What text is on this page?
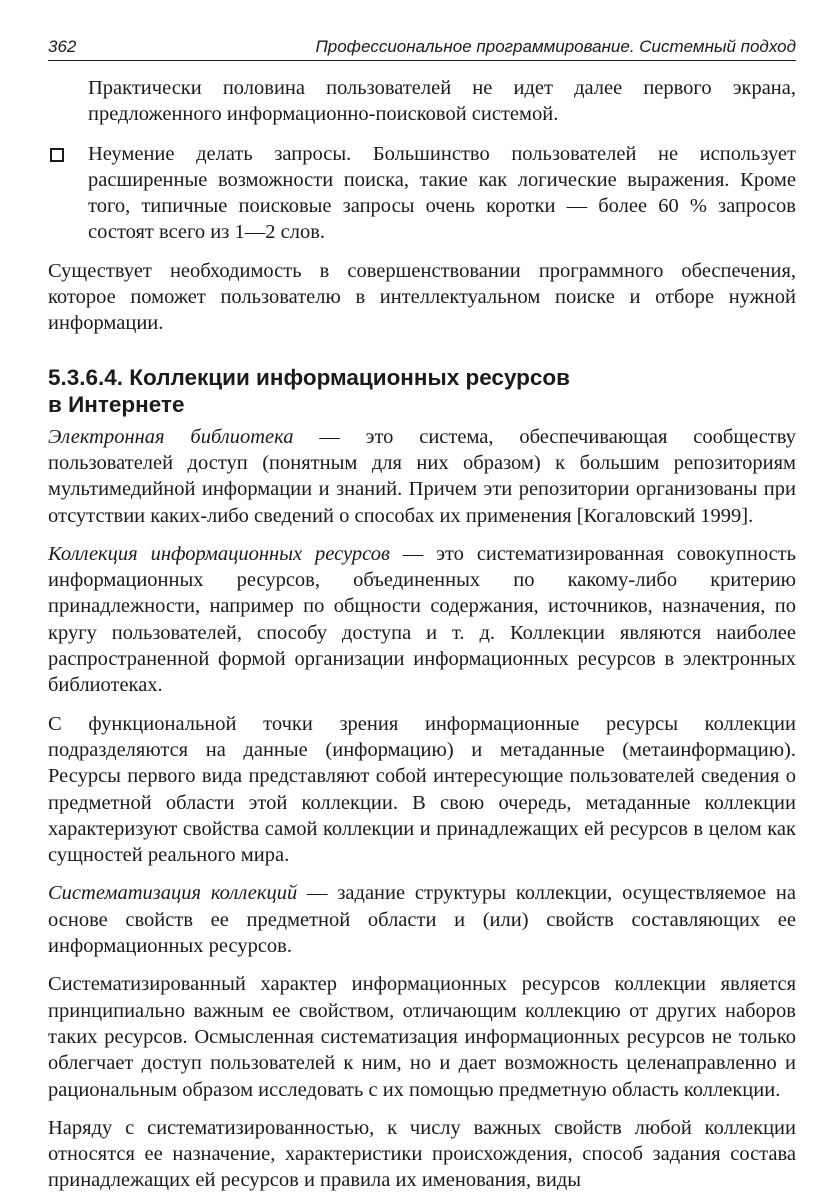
362	Профессиональное программирование. Системный подход

Практически половина пользователей не идет далее первого экрана, предложенного информационно-поисковой системой.

Неумение делать запросы. Большинство пользователей не использует расширенные возможности поиска, такие как логические выражения. Кроме того, типичные поисковые запросы очень коротки — более 60 % запросов состоят всего из 1—2 слов.

Существует необходимость в совершенствовании программного обеспечения, которое поможет пользователю в интеллектуальном поиске и отборе нужной информации.

5.3.6.4. Коллекции информационных ресурсов
в Интернете

Электронная библиотека — это система, обеспечивающая сообществу пользователей доступ (понятным для них образом) к большим репозиториям мультимедийной информации и знаний. Причем эти репозитории организованы при отсутствии каких-либо сведений о способах их применения [Когаловский 1999].

Коллекция информационных ресурсов — это систематизированная совокупность информационных ресурсов, объединенных по какому-либо критерию принадлежности, например по общности содержания, источников, назначения, по кругу пользователей, способу доступа и т. д. Коллекции являются наиболее распространенной формой организации информационных ресурсов в электронных библиотеках.

С функциональной точки зрения информационные ресурсы коллекции подразделяются на данные (информацию) и метаданные (метаинформацию). Ресурсы первого вида представляют собой интересующие пользователей сведения о предметной области этой коллекции. В свою очередь, метаданные коллекции характеризуют свойства самой коллекции и принадлежащих ей ресурсов в целом как сущностей реального мира.

Систематизация коллекций — задание структуры коллекции, осуществляемое на основе свойств ее предметной области и (или) свойств составляющих ее информационных ресурсов.

Систематизированный характер информационных ресурсов коллекции является принципиально важным ее свойством, отличающим коллекцию от других наборов таких ресурсов. Осмысленная систематизация информационных ресурсов не только облегчает доступ пользователей к ним, но и дает возможность целенаправленно и рациональным образом исследовать с их помощью предметную область коллекции.

Наряду с систематизированностью, к числу важных свойств любой коллекции относятся ее назначение, характеристики происхождения, способ задания состава принадлежащих ей ресурсов и правила их именования, виды
